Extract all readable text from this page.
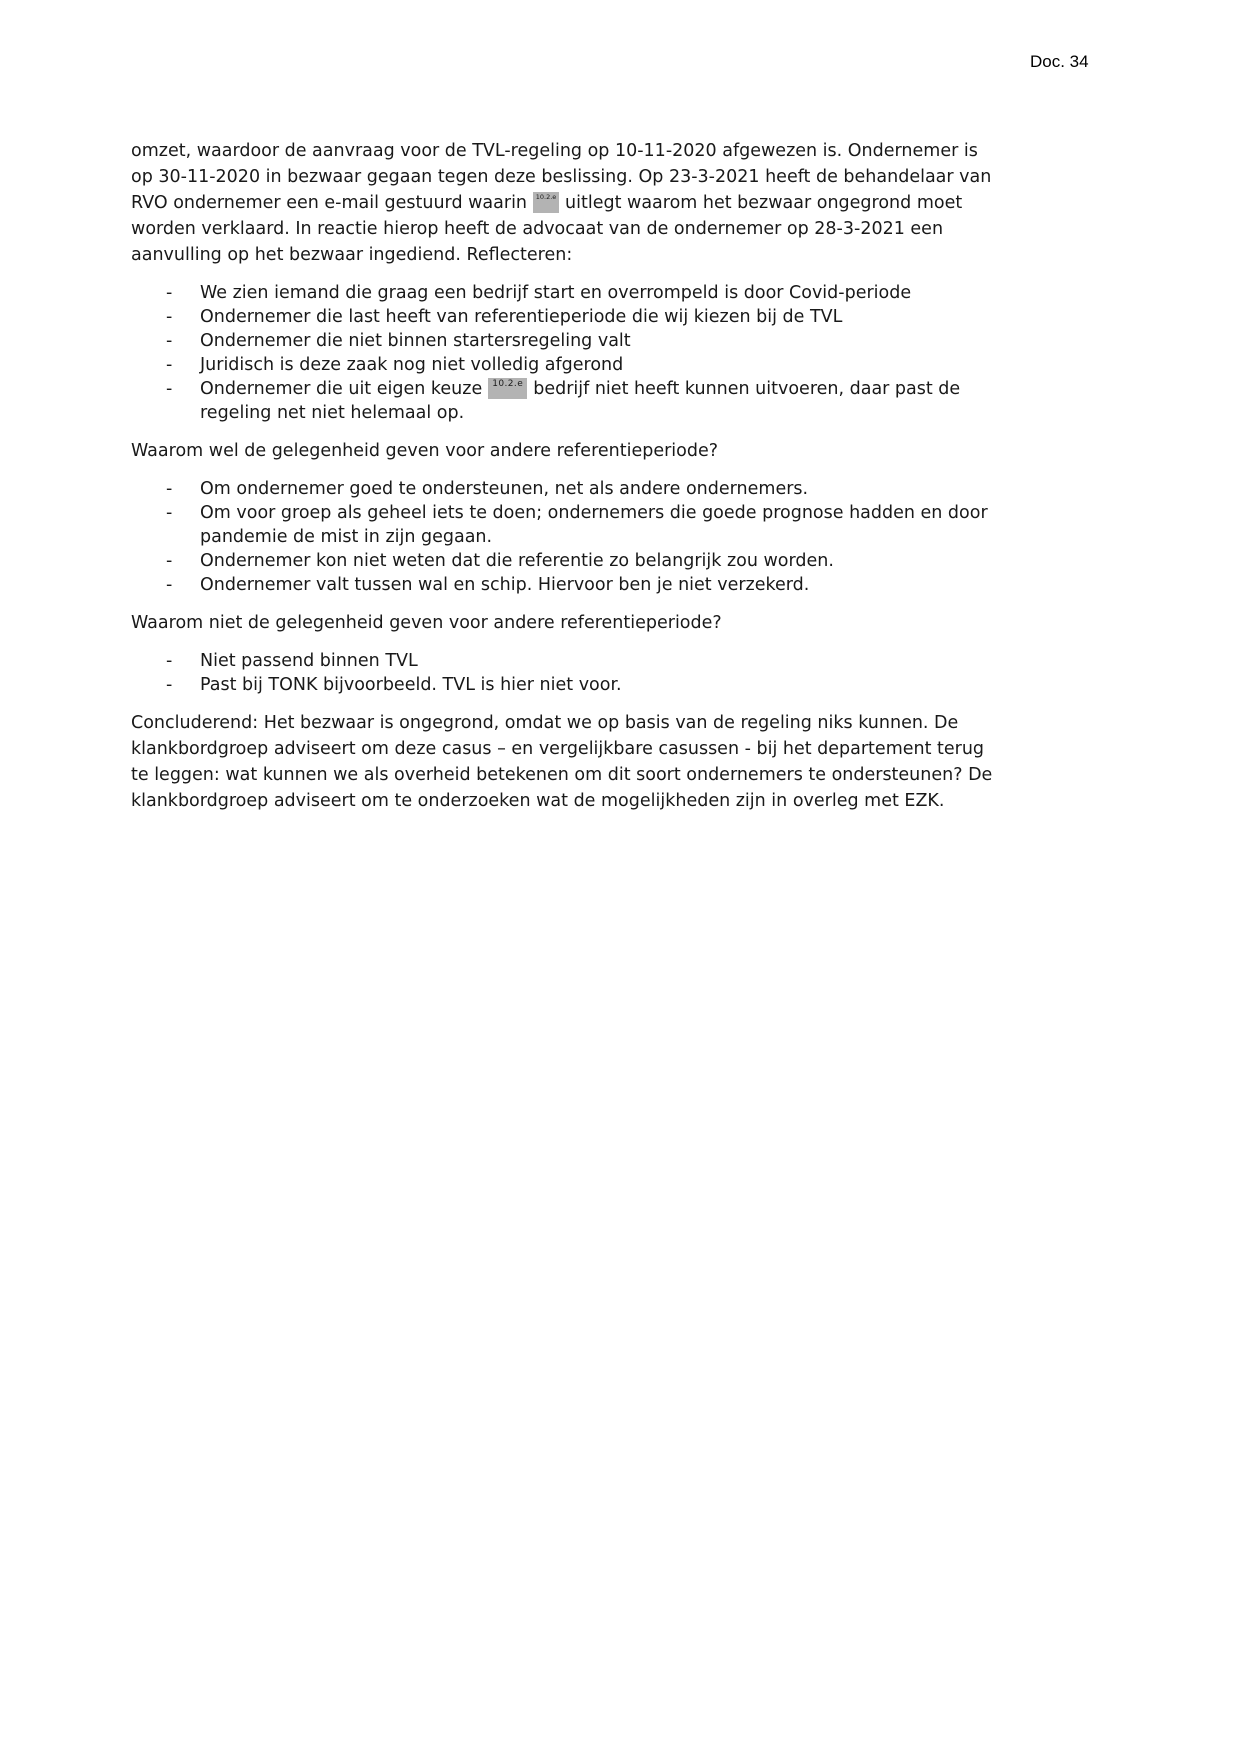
Doc. 34
omzet, waardoor de aanvraag voor de TVL-regeling op 10-11-2020 afgewezen is. Ondernemer is
op 30-11-2020 in bezwaar gegaan tegen deze beslissing. Op 23-3-2021 heeft de behandelaar van
RVO ondernemer een e-mail gestuurd waarin	10.2.e uitlegt waarom het bezwaar ongegrond moet
worden verklaard. In reactie hierop heeft de advocaat van de ondernemer op 28-3-2021 een
aanvulling op het bezwaar ingediend. Reflecteren:
-	We zien iemand die graag een bedrijf start en overrompeld is door Covid-periode
-	Ondernemer die last heeft van referentieperiode die wij kiezen bij de TVL
-	Ondernemer die niet binnen startersregeling valt
-	Juridisch is deze zaak nog niet volledig afgerond
-	Ondernemer die uit eigen keuze	10.2.e bedrijf niet heeft kunnen uitvoeren, daar past de
regeling net niet helemaal op.
Waarom wel de gelegenheid geven voor andere referentieperiode?
-	Om ondernemer goed te ondersteunen, net als andere ondernemers.
-	Om voor groep als geheel iets te doen; ondernemers die goede prognose hadden en door
pandemie de mist in zijn gegaan.
-	Ondernemer kon niet weten dat die referentie zo belangrijk zou worden.
-	Ondernemer valt tussen wal en schip. Hiervoor ben je niet verzekerd.
Waarom niet de gelegenheid geven voor andere referentieperiode?
-	Niet passend binnen TVL
-	Past bij TONK bijvoorbeeld. TVL is hier niet voor.
Concluderend: Het bezwaar is ongegrond, omdat we op basis van de regeling niks kunnen. De
klankbordgroep adviseert om deze casus – en vergelijkbare casussen - bij het departement terug
te leggen: wat kunnen we als overheid betekenen om dit soort ondernemers te ondersteunen? De
klankbordgroep adviseert om te onderzoeken wat de mogelijkheden zijn in overleg met EZK.
